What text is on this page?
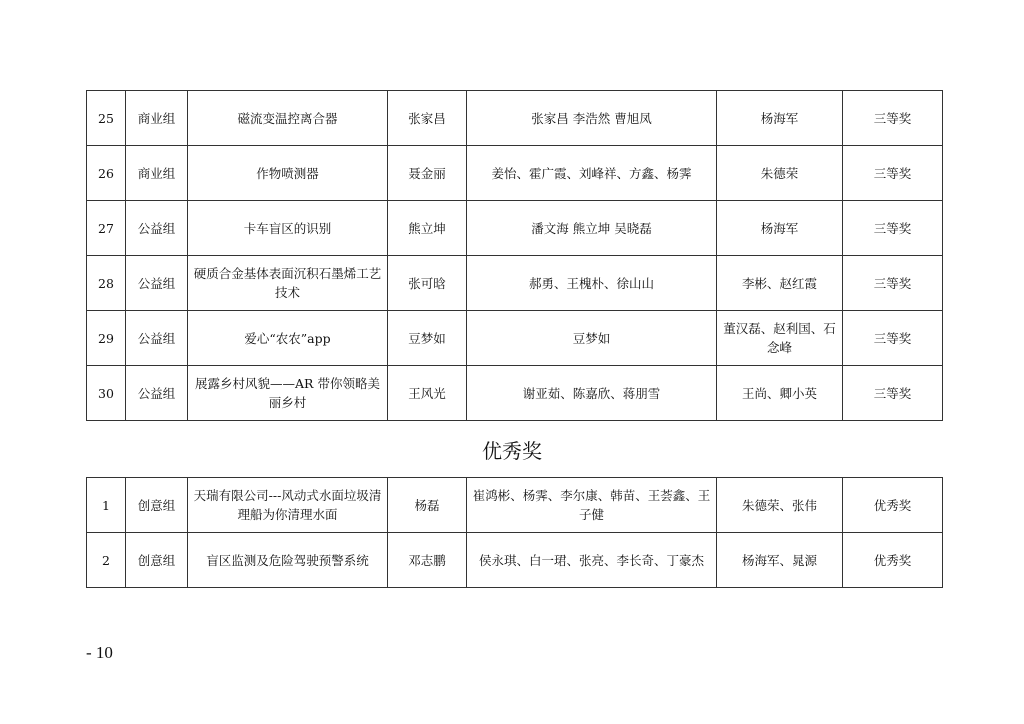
25	商业组	磁流变温控离合器	张家昌	张家昌 李浩然 曹旭凤	杨海军	三等奖
26	商业组	作物喷测器	聂金丽	姜怡、霍广霞、刘峰祥、方鑫、杨霁	朱德荣	三等奖
27	公益组	卡车盲区的识别	熊立坤	潘文海 熊立坤 吴晓磊	杨海军	三等奖
28	公益组	硬质合金基体表面沉积石墨烯工艺技术	张可晗	郝勇、王槐朴、徐山山	李彬、赵红霞	三等奖
29	公益组	爱心“农农”app	豆梦如	豆梦如	董汉磊、赵利国、石念峰	三等奖
30	公益组	展露乡村风貌——AR 带你领略美丽乡村	王风光	谢亚茹、陈嘉欣、蒋朋雪	王尚、卿小英	三等奖
优秀奖
1	创意组	天瑞有限公司---风动式水面垃圾清理船为你清理水面	杨磊	崔鸿彬、杨霁、李尔康、韩苗、王荟鑫、王子健	朱德荣、张伟	优秀奖
2	创意组	盲区监测及危险驾驶预警系统	邓志鹏	侯永琪、白一珺、张亮、李长奇、丁豪杰	杨海军、晁源	优秀奖
- 10
